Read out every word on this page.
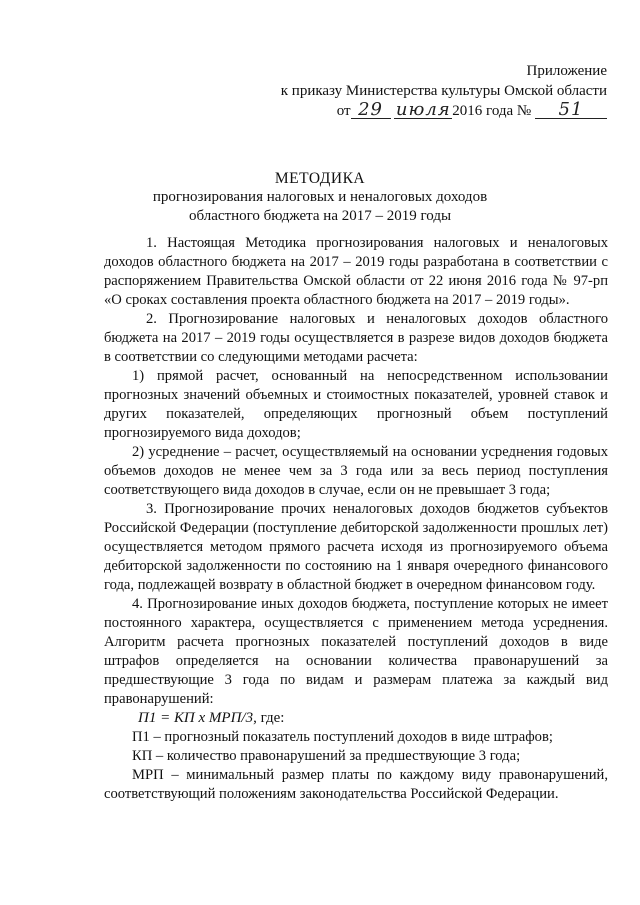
Приложение
к приказу Министерства культуры Омской области
от 29 июля 2016 года № 51
МЕТОДИКА
прогнозирования налоговых и неналоговых доходов
областного бюджета на 2017 – 2019 годы

1. Настоящая Методика прогнозирования налоговых и неналоговых доходов областного бюджета на 2017 – 2019 годы разработана в соответствии с распоряжением Правительства Омской области от 22 июня 2016 года № 97-рп «О сроках составления проекта областного бюджета на 2017 – 2019 годы».

2. Прогнозирование налоговых и неналоговых доходов областного бюджета на 2017 – 2019 годы осуществляется в разрезе видов доходов бюджета в соответствии со следующими методами расчета:

1) прямой расчет, основанный на непосредственном использовании прогнозных значений объемных и стоимостных показателей, уровней ставок и других показателей, определяющих прогнозный объем поступлений прогнозируемого вида доходов;

2) усреднение – расчет, осуществляемый на основании усреднения годовых объемов доходов не менее чем за 3 года или за весь период поступления соответствующего вида доходов в случае, если он не превышает 3 года;

3. Прогнозирование прочих неналоговых доходов бюджетов субъектов Российской Федерации (поступление дебиторской задолженности прошлых лет) осуществляется методом прямого расчета исходя из прогнозируемого объема дебиторской задолженности по состоянию на 1 января очередного финансового года, подлежащей возврату в областной бюджет в очередном финансовом году.

4. Прогнозирование иных доходов бюджета, поступление которых не имеет постоянного характера, осуществляется с применением метода усреднения. Алгоритм расчета прогнозных показателей поступлений доходов в виде штрафов определяется на основании количества правонарушений за предшествующие 3 года по видам и размерам платежа за каждый вид правонарушений:

П1 = КП х МРП/3, где:

П1 – прогнозный показатель поступлений доходов в виде штрафов;

КП – количество правонарушений за предшествующие 3 года;

МРП – минимальный размер платы по каждому виду правонарушений, соответствующий положениям законодательства Российской Федерации.
